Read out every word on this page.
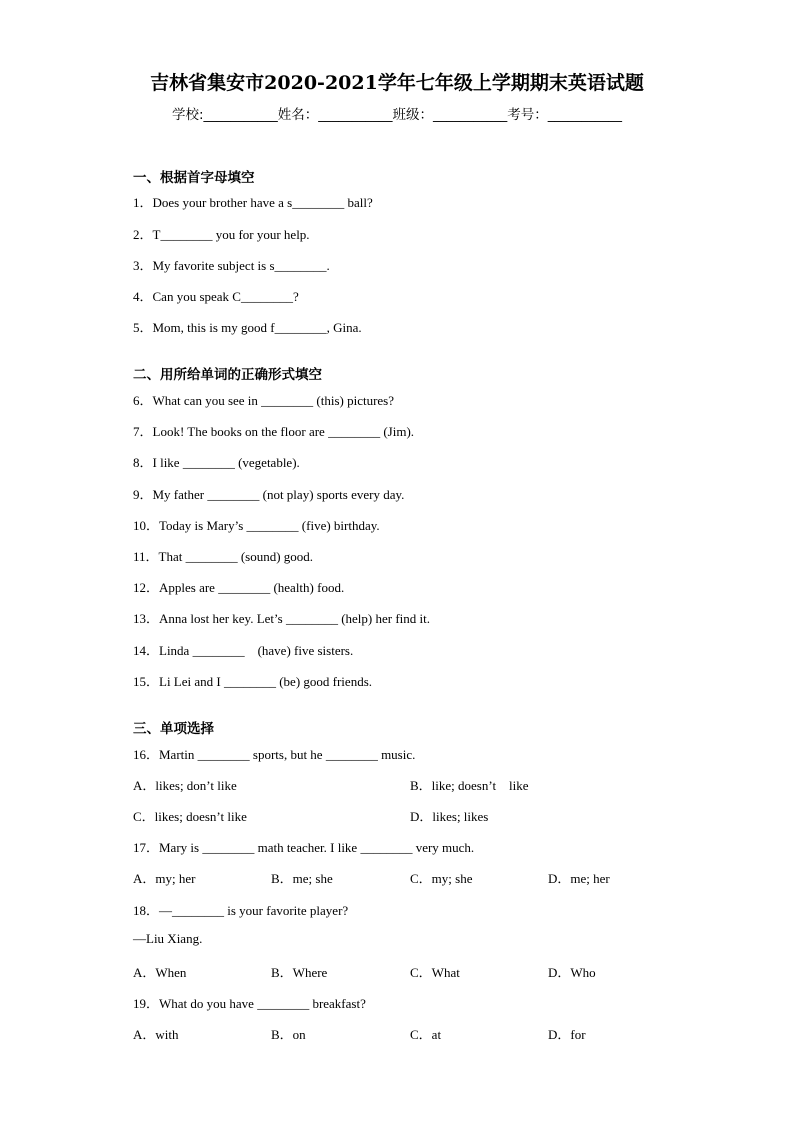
吉林省集安市2020-2021学年七年级上学期期末英语试题
学校:___________姓名：___________班级：___________考号：___________
一、根据首字母填空
1．Does your brother have a s________ ball?
2．T________ you for your help.
3．My favorite subject is s________.
4．Can you speak C________?
5．Mom, this is my good f________, Gina.
二、用所给单词的正确形式填空
6．What can you see in ________ (this) pictures?
7．Look! The books on the floor are ________ (Jim).
8．I like ________ (vegetable).
9．My father ________ (not play) sports every day.
10．Today is Mary’s ________ (five) birthday.
11．That ________ (sound) good.
12．Apples are ________ (health) food.
13．Anna lost her key. Let’s ________ (help) her find it.
14．Linda ________    (have) five sisters.
15．Li Lei and I ________ (be) good friends.
三、单项选择
16．Martin ________ sports, but he ________ music.
A．likes; don’t like	B．like; doesn’t    like
C．likes; doesn’t like	D．likes; likes
17．Mary is ________ math teacher. I like ________ very much.
A．my; her	B．me; she	C．my; she	D．me; her
18．—________ is your favorite player?
—Liu Xiang.
A．When	B．Where	C．What	D．Who
19．What do you have ________ breakfast?
A．with	B．on	C．at	D．for
